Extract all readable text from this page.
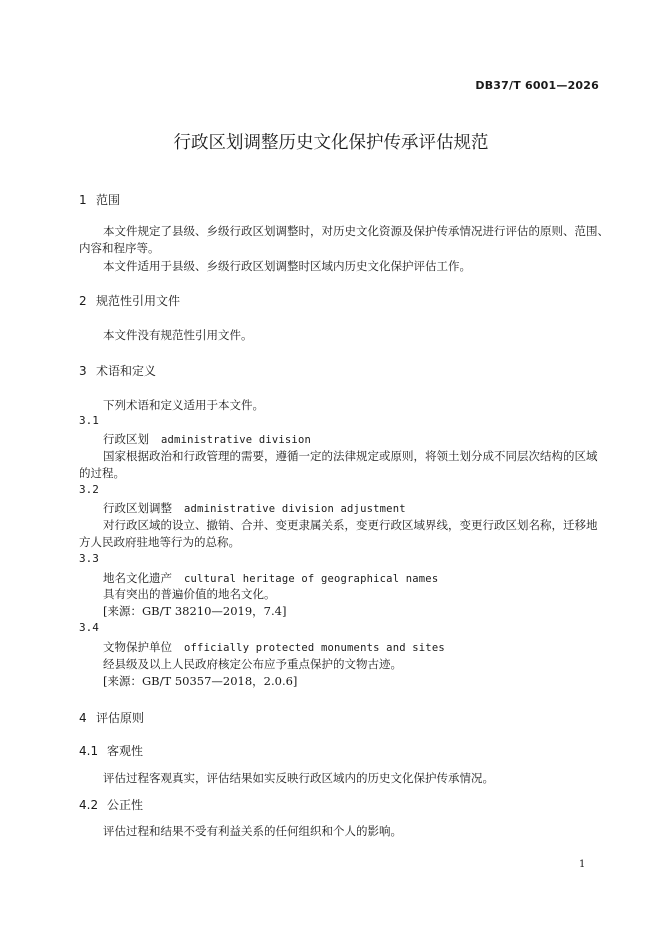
DB37/T 6001—2026
行政区划调整历史文化保护传承评估规范
1 范围
本文件规定了县级、乡级行政区划调整时，对历史文化资源及保护传承情况进行评估的原则、范围、
内容和程序等。
本文件适用于县级、乡级行政区划调整时区域内历史文化保护评估工作。
2 规范性引用文件
本文件没有规范性引用文件。
3 术语和定义
下列术语和定义适用于本文件。
3.1
行政区划 administrative division
国家根据政治和行政管理的需要，遵循一定的法律规定或原则，将领土划分成不同层次结构的区域
的过程。
3.2
行政区划调整 administrative division adjustment
对行政区域的设立、撤销、合并、变更隶属关系，变更行政区域界线，变更行政区划名称，迁移地
方人民政府驻地等行为的总称。
3.3
地名文化遗产 cultural heritage of geographical names
具有突出的普遍价值的地名文化。
[来源：GB/T 38210—2019，7.4]
3.4
文物保护单位 officially protected monuments and sites
经县级及以上人民政府核定公布应予重点保护的文物古迹。
[来源：GB/T 50357—2018，2.0.6]
4 评估原则
4.1 客观性
评估过程客观真实，评估结果如实反映行政区域内的历史文化保护传承情况。
4.2 公正性
评估过程和结果不受有利益关系的任何组织和个人的影响。
1
